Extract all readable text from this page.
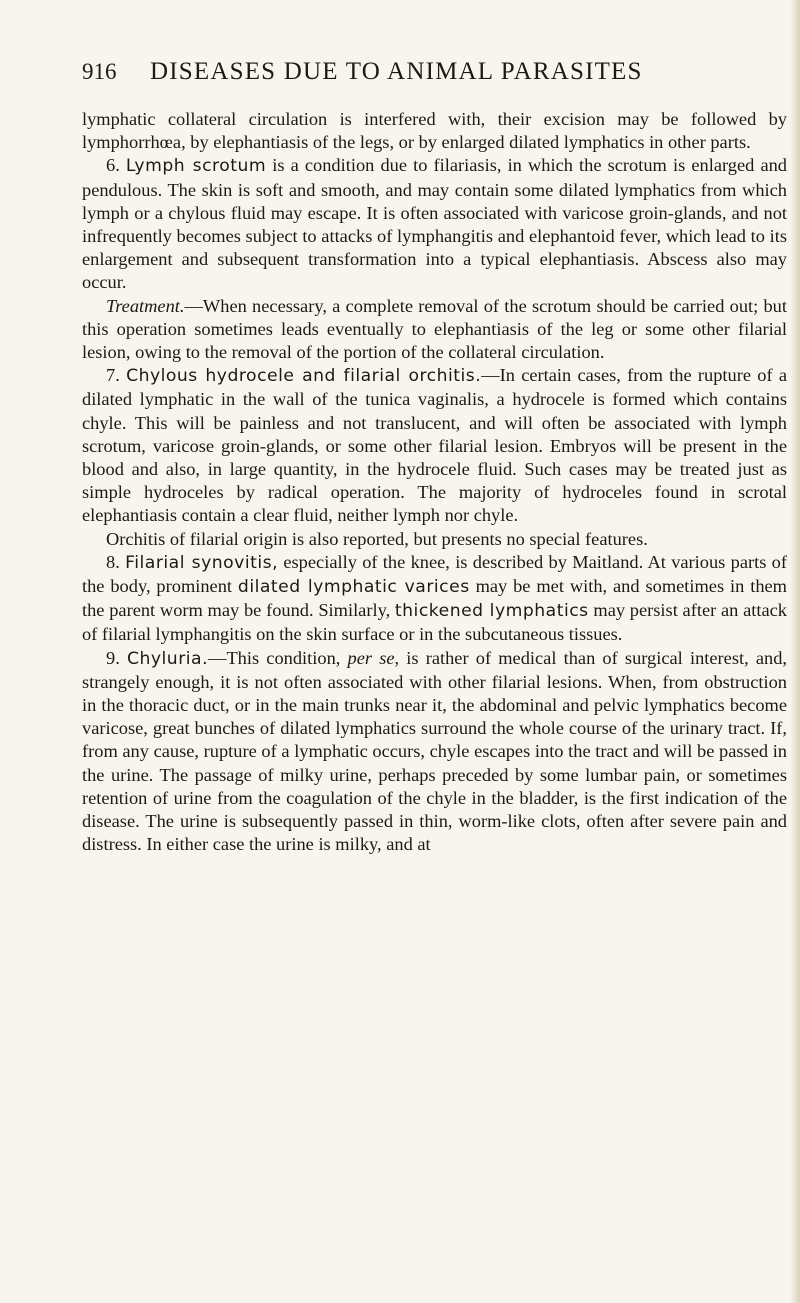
916	DISEASES DUE TO ANIMAL PARASITES

lymphatic collateral circulation is interfered with, their excision may be followed by lymphorrhœa, by elephantiasis of the legs, or by enlarged dilated lymphatics in other parts.

6. Lymph scrotum is a condition due to filariasis, in which the scrotum is enlarged and pendulous. The skin is soft and smooth, and may contain some dilated lymphatics from which lymph or a chylous fluid may escape. It is often associated with varicose groin-glands, and not infrequently becomes subject to attacks of lymphangitis and elephantoid fever, which lead to its enlargement and subsequent transformation into a typical elephantiasis. Abscess also may occur.

Treatment.—When necessary, a complete removal of the scrotum should be carried out; but this operation sometimes leads eventually to elephantiasis of the leg or some other filarial lesion, owing to the removal of the portion of the collateral circulation.

7. Chylous hydrocele and filarial orchitis.—In certain cases, from the rupture of a dilated lymphatic in the wall of the tunica vaginalis, a hydrocele is formed which contains chyle. This will be painless and not translucent, and will often be associated with lymph scrotum, varicose groin-glands, or some other filarial lesion. Embryos will be present in the blood and also, in large quantity, in the hydrocele fluid. Such cases may be treated just as simple hydroceles by radical operation. The majority of hydroceles found in scrotal elephantiasis contain a clear fluid, neither lymph nor chyle.

Orchitis of filarial origin is also reported, but presents no special features.

8. Filarial synovitis, especially of the knee, is described by Maitland. At various parts of the body, prominent dilated lymphatic varices may be met with, and sometimes in them the parent worm may be found. Similarly, thickened lymphatics may persist after an attack of filarial lymphangitis on the skin surface or in the subcutaneous tissues.

9. Chyluria.—This condition, per se, is rather of medical than of surgical interest, and, strangely enough, it is not often associated with other filarial lesions. When, from obstruction in the thoracic duct, or in the main trunks near it, the abdominal and pelvic lymphatics become varicose, great bunches of dilated lymphatics surround the whole course of the urinary tract. If, from any cause, rupture of a lymphatic occurs, chyle escapes into the tract and will be passed in the urine. The passage of milky urine, perhaps preceded by some lumbar pain, or sometimes retention of urine from the coagulation of the chyle in the bladder, is the first indication of the disease. The urine is subsequently passed in thin, worm-like clots, often after severe pain and distress. In either case the urine is milky, and at
